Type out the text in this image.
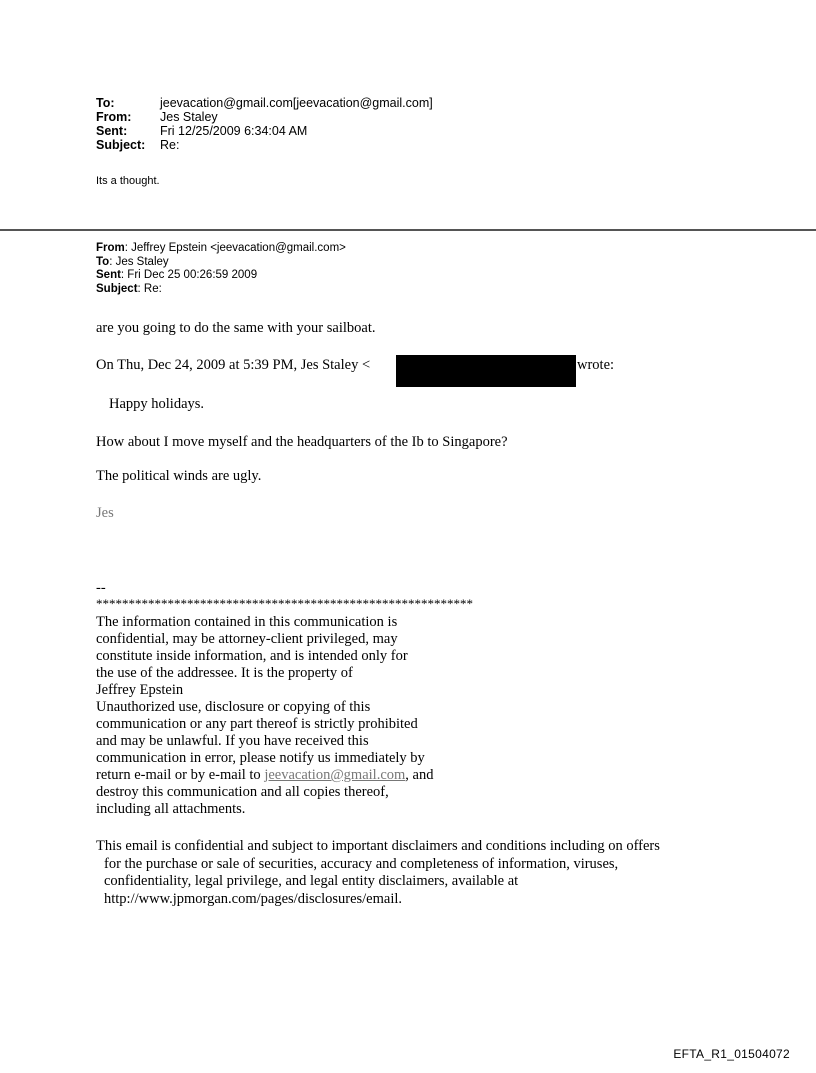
To:	jeevacation@gmail.com[jeevacation@gmail.com]
From:	Jes Staley
Sent:	Fri 12/25/2009 6:34:04 AM
Subject:	Re:
Its a thought.
From: Jeffrey Epstein <jeevacation@gmail.com>
To: Jes Staley
Sent: Fri Dec 25 00:26:59 2009
Subject: Re:
are you going to do the same with your sailboat.
On Thu, Dec 24, 2009 at 5:39 PM, Jes Staley <	wrote:
Happy holidays.
How about I move myself and the headquarters of the Ib to Singapore?
The political winds are ugly.
Jes
--
**********************************************************
The information contained in this communication is
confidential, may be attorney-client privileged, may
constitute inside information, and is intended only for
the use of the addressee. It is the property of
Jeffrey Epstein
Unauthorized use, disclosure or copying of this
communication or any part thereof is strictly prohibited
and may be unlawful. If you have received this
communication in error, please notify us immediately by
return e-mail or by e-mail to jeevacation@gmail.com, and
destroy this communication and all copies thereof,
including all attachments.
This email is confidential and subject to important disclaimers and conditions including on offers
for the purchase or sale of securities, accuracy and completeness of information, viruses,
confidentiality, legal privilege, and legal entity disclaimers, available at
http://www.jpmorgan.com/pages/disclosures/email.
EFTA_R1_01504072
